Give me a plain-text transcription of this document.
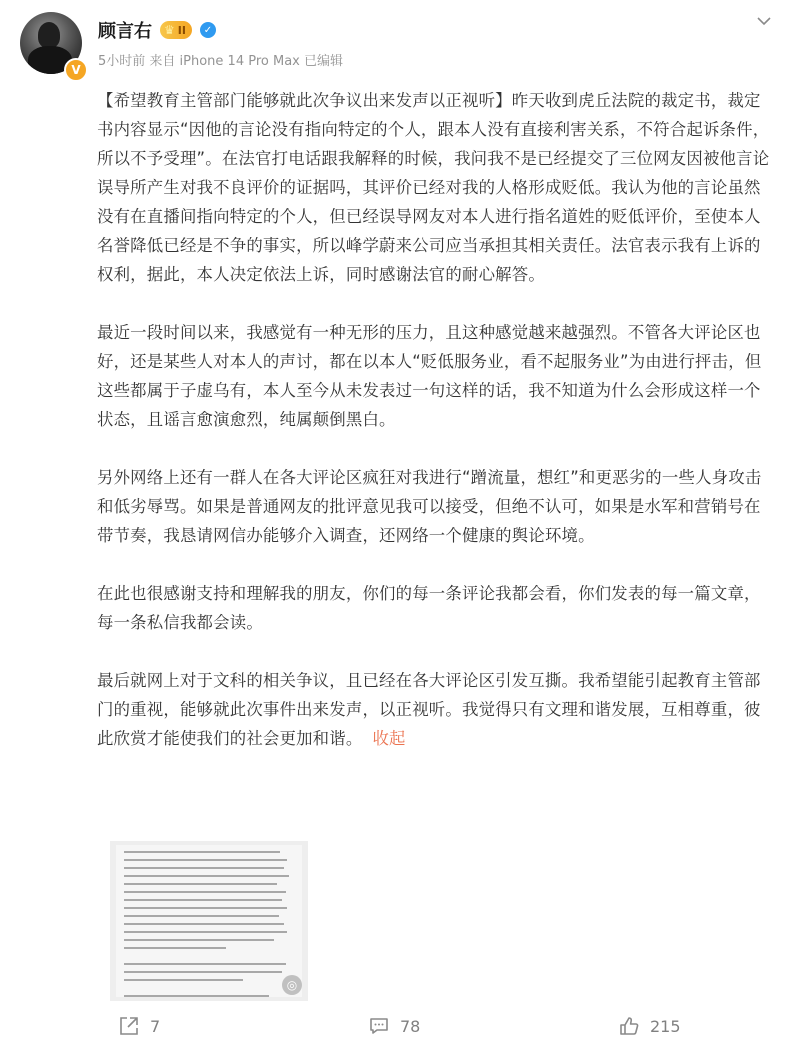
V
顾言右 ♛ II	✓
5小时前 来自 iPhone 14 Pro Max 已编辑

【希望教育主管部门能够就此次争议出来发声以正视听】昨天收到虎丘法院的裁定书，裁定书内容显示“因他的言论没有指向特定的个人，跟本人没有直接利害关系，不符合起诉条件，所以不予受理”。在法官打电话跟我解释的时候，我问我不是已经提交了三位网友因被他言论误导所产生对我不良评价的证据吗，其评价已经对我的人格形成贬低。我认为他的言论虽然没有在直播间指向特定的个人，但已经误导网友对本人进行指名道姓的贬低评价，至使本人名誉降低已经是不争的事实，所以峰学蔚来公司应当承担其相关责任。法官表示我有上诉的权利，据此，本人决定依法上诉，同时感谢法官的耐心解答。

最近一段时间以来，我感觉有一种无形的压力，且这种感觉越来越强烈。不管各大评论区也好，还是某些人对本人的声讨，都在以本人“贬低服务业，看不起服务业”为由进行抨击，但这些都属于子虚乌有，本人至今从未发表过一句这样的话，我不知道为什么会形成这样一个状态，且谣言愈演愈烈，纯属颠倒黑白。

另外网络上还有一群人在各大评论区疯狂对我进行“蹭流量，想红”和更恶劣的一些人身攻击和低劣辱骂。如果是普通网友的批评意见我可以接受，但绝不认可，如果是水军和营销号在带节奏，我恳请网信办能够介入调查，还网络一个健康的舆论环境。

在此也很感谢支持和理解我的朋友，你们的每一条评论我都会看，你们发表的每一篇文章，每一条私信我都会读。

最后就网上对于文科的相关争议，且已经在各大评论区引发互撕。我希望能引起教育主管部门的重视，能够就此次事件出来发声，以正视听。我觉得只有文理和谐发展，互相尊重，彼此欣赏才能使我们的社会更加和谐。 收起

◎
7	78	215
